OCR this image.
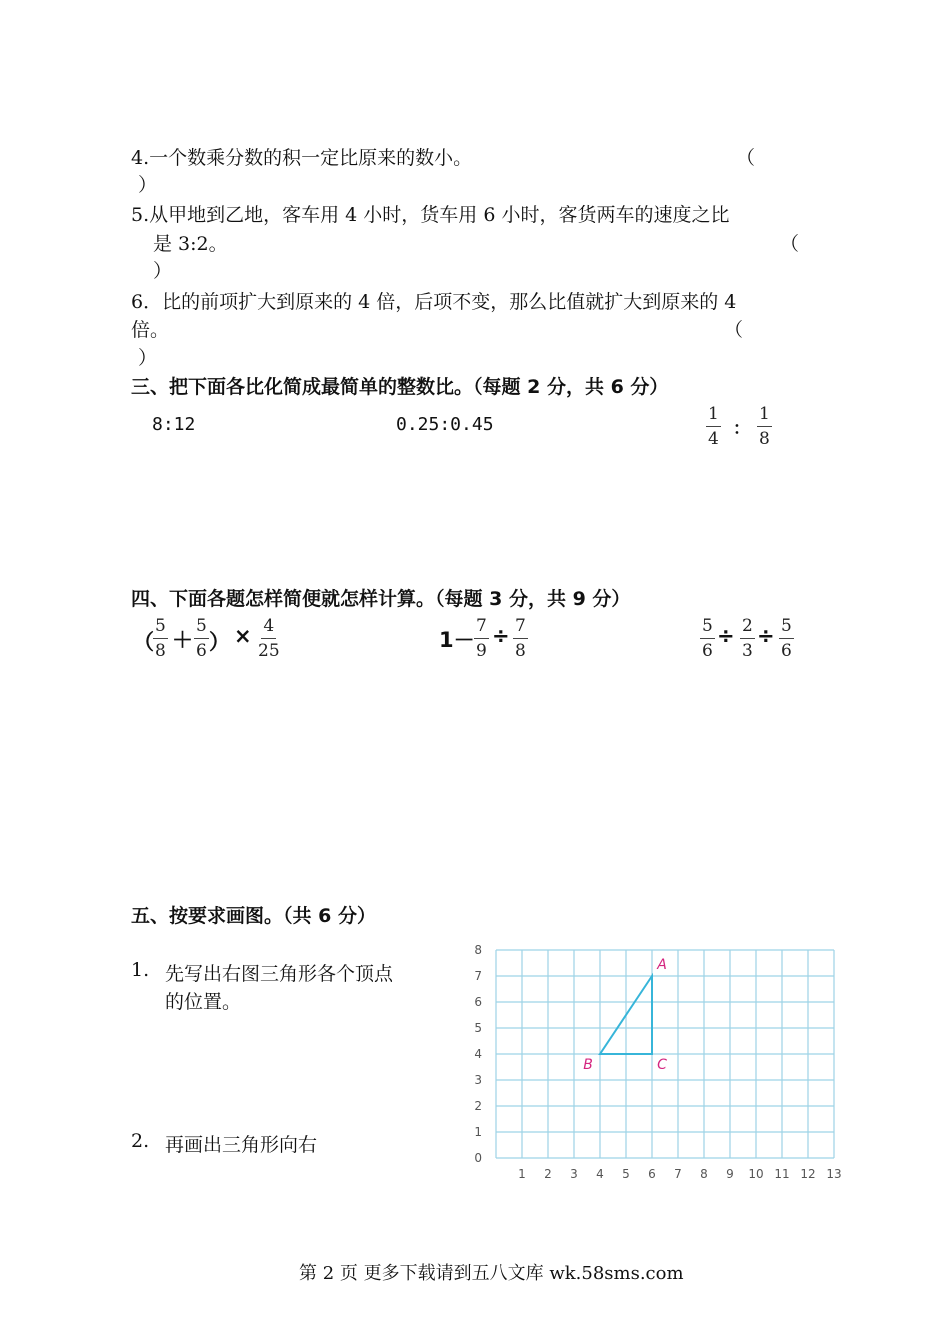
4.一个数乘分数的积一定比原来的数小。	（
）
5.从甲地到乙地，客车用 4 小时，货车用 6 小时，客货两车的速度之比
是 3:2。	（
）
6．比的前项扩大到原来的 4 倍，后项不变，那么比值就扩大到原来的 4
倍。	（
）
三、把下面各比化简成最简单的整数比。（每题 2 分，共 6 分）
8:12	0.25:0.45	$\frac{1}{4}$ ： $\frac{1}{8}$
四、下面各题怎样简便就怎样计算。（每题 3 分，共 9 分）
（ $\frac{5}{8} + \frac{5}{6}$ ） × $\frac{4}{25}$	$1- \frac{7}{9} \div \frac{7}{8}$	$\frac{5}{6} \div \frac{2}{3} \div \frac{5}{6}$
五、按要求画图。（共 6 分）
1. 先写出右图三角形各个顶点
的位置。
2. 再画出三角形向右
1 2 3 4 5 6 7 8 9 10 11 12 13
0
1
2
3
4
5
6
7
8
A
B	C
第 2 页 更多下载请到五八文库 wk.58sms.com
